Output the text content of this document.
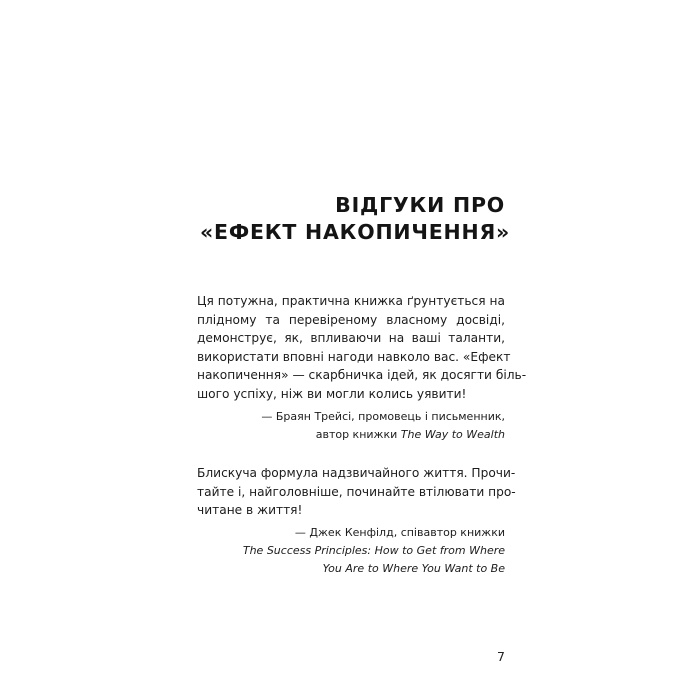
ВІДГУКИ ПРО
«ЕФЕКТ НАКОПИЧЕННЯ»

Ця потужна, практична книжка ґрунтується на
плідному та перевіреному власному досвіді,
демонструє, як, впливаючи на ваші таланти,
використати вповні нагоди навколо вас. «Ефект
накопичення» — скарбничка ідей, як досягти біль-
шого успіху, ніж ви могли колись уявити!

— Браян Трейсі, промовець і письменник,
автор книжки The Way to Wealth

Блискуча формула надзвичайного життя. Прочи-
тайте і, найголовніше, починайте втілювати про-
читане в життя!

— Джек Кенфілд, співавтор книжки
The Success Principles: How to Get from Where
You Are to Where You Want to Be
7
